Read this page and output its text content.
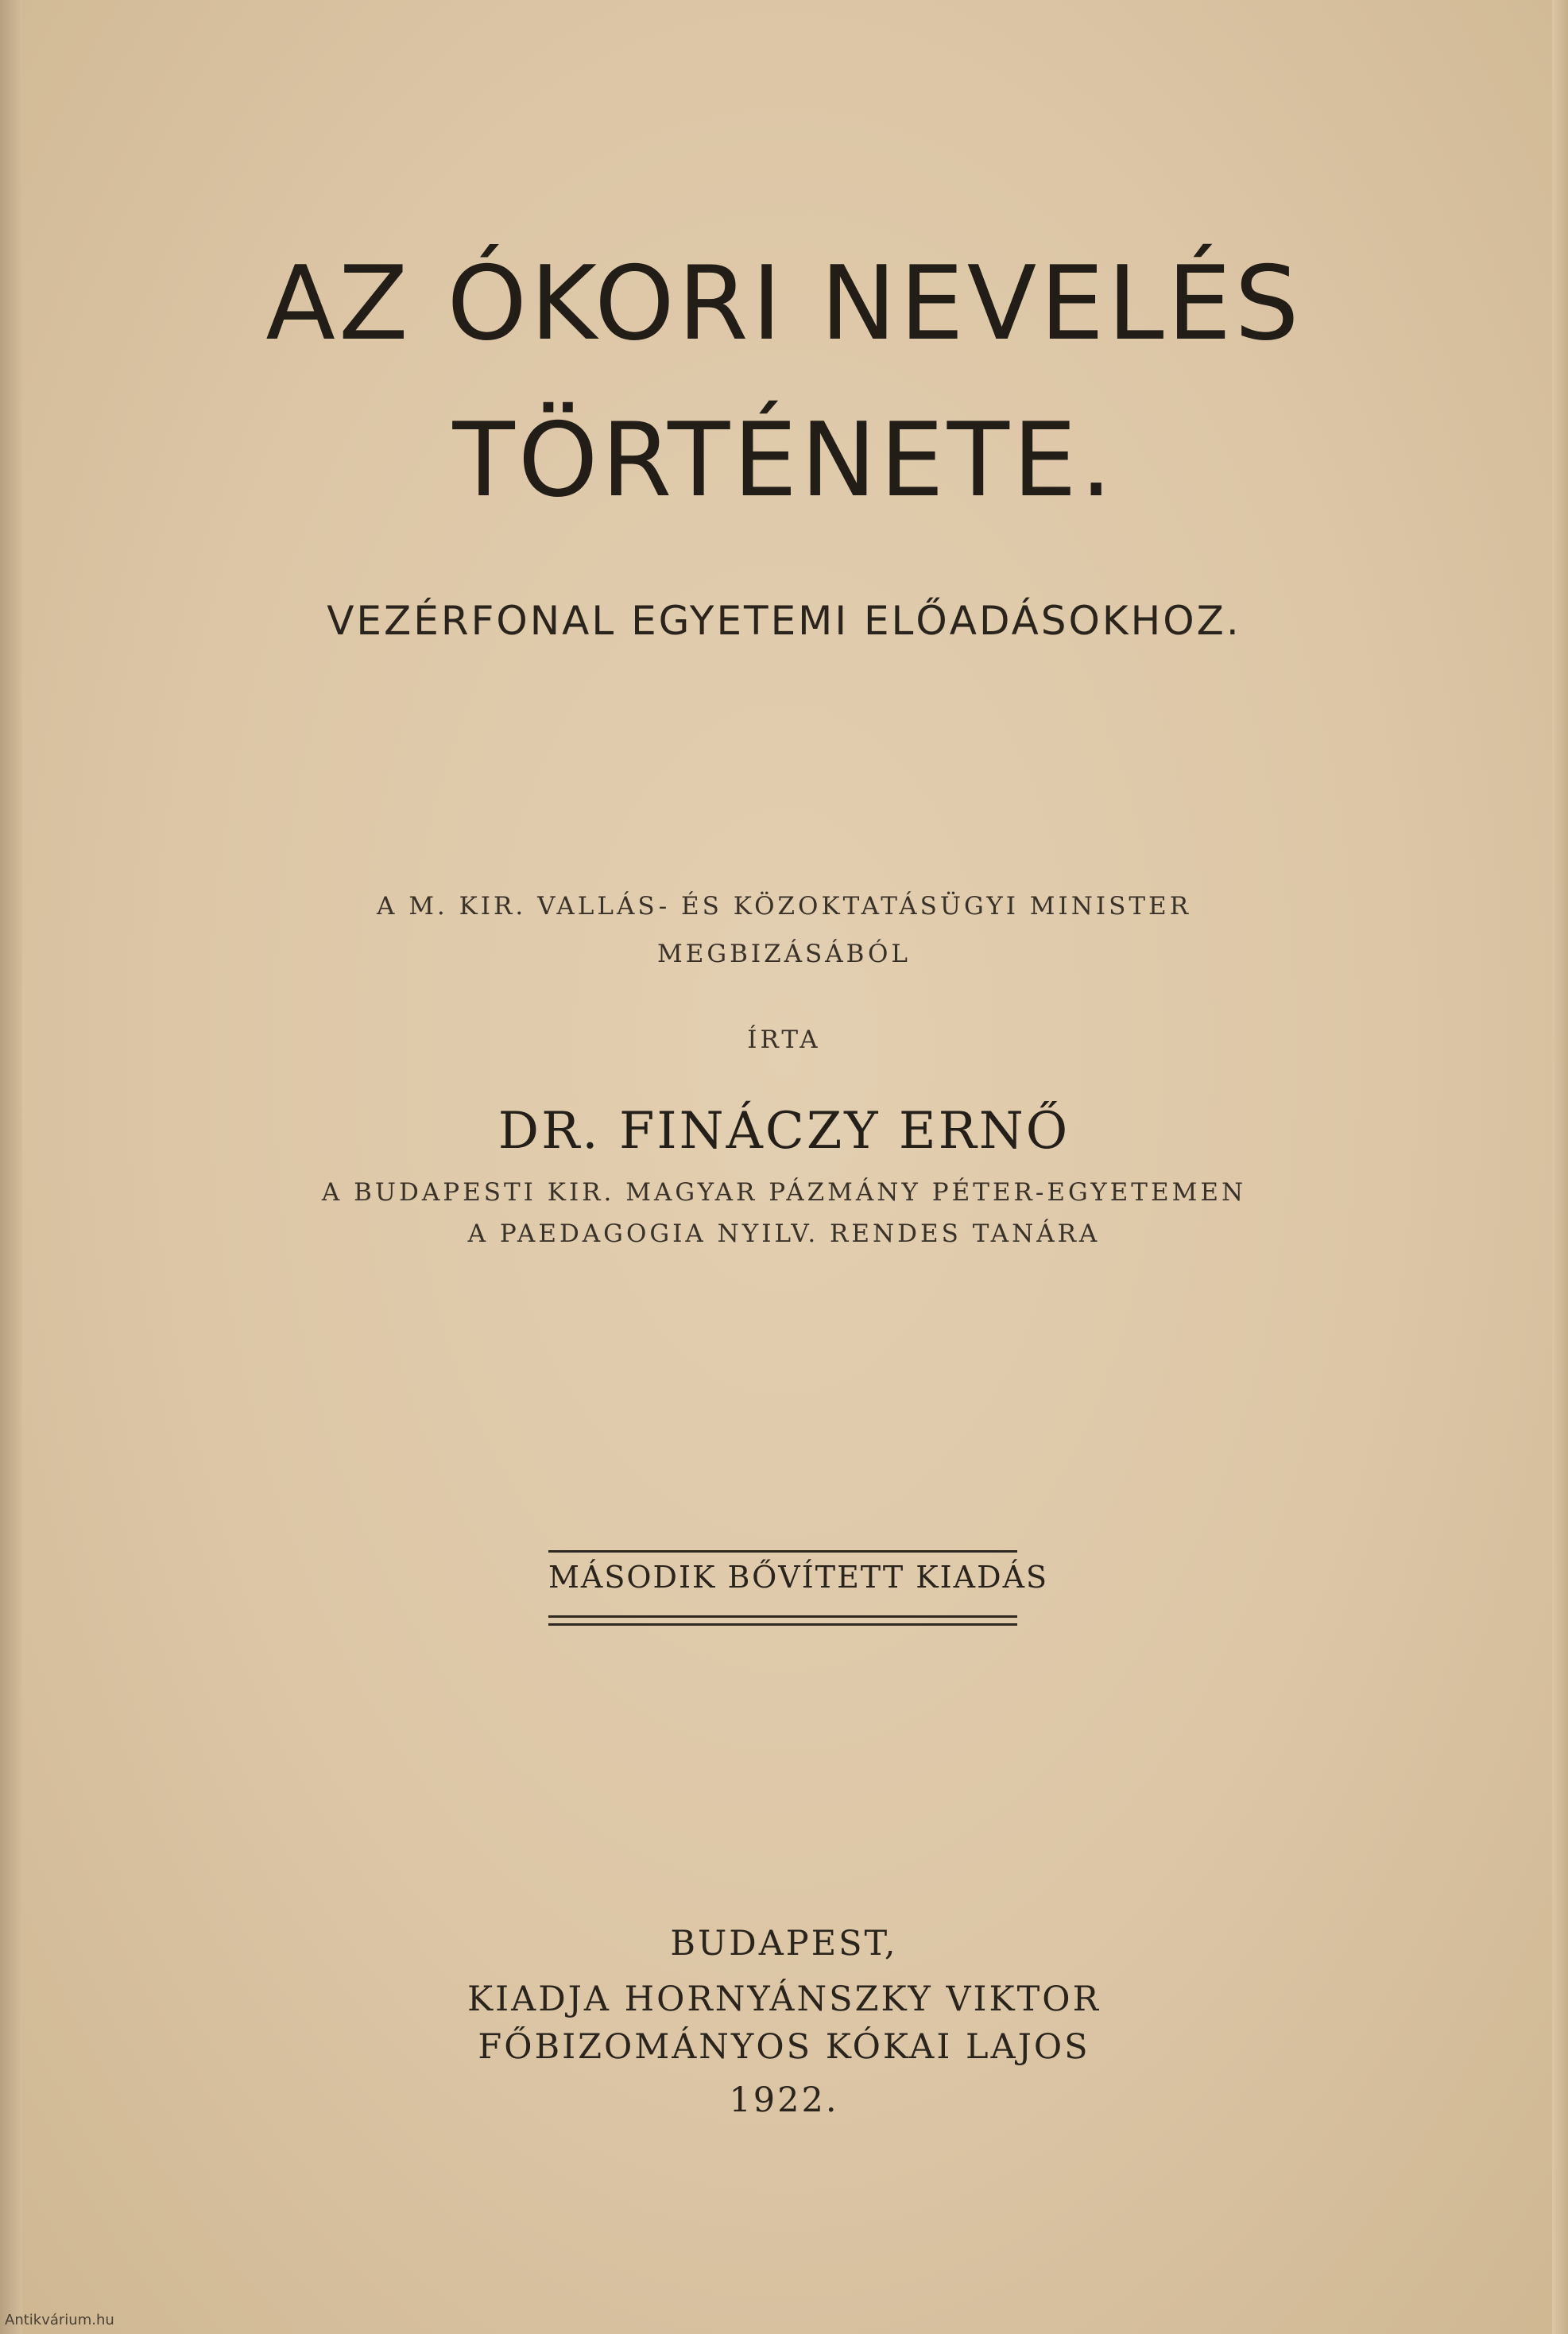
AZ ÓKORI NEVELÉS
TÖRTÉNETE.
VEZÉRFONAL EGYETEMI ELŐADÁSOKHOZ.
A M. KIR. VALLÁS- ÉS KÖZOKTATÁSÜGYI MINISTER
MEGBIZÁSÁBÓL
ÍRTA
DR. FINÁCZY ERNŐ
A BUDAPESTI KIR. MAGYAR PÁZMÁNY PÉTER-EGYETEMEN
A PAEDAGOGIA NYILV. RENDES TANÁRA
MÁSODIK BŐVÍTETT KIADÁS
BUDAPEST,
KIADJA HORNYÁNSZKY VIKTOR
FŐBIZOMÁNYOS KÓKAI LAJOS
1922.
Antikvárium.hu
